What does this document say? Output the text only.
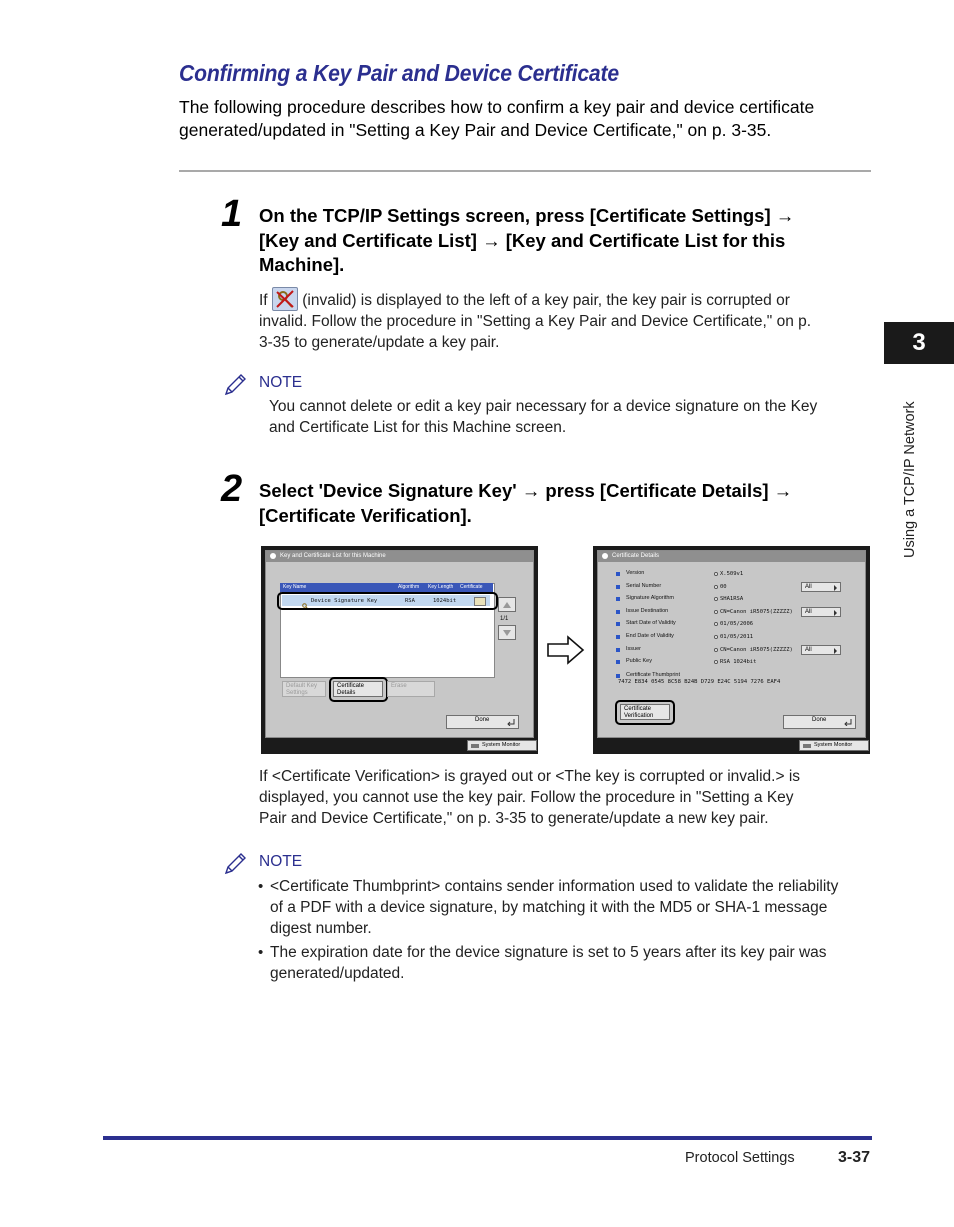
Confirming a Key Pair and Device Certificate

The following procedure describes how to confirm a key pair and device certificate

generated/updated in "Setting a Key Pair and Device Certificate," on p. 3-35.

1 On the TCP/IP Settings screen, press [Certificate Settings] →
[Key and Certificate List] → [Key and Certificate List for this
Machine].
If
(invalid) is displayed to the left of a key pair, the key pair is corrupted or
invalid. Follow the procedure in "Setting a Key Pair and Device Certificate," on p.
3-35 to generate/update a key pair.
NOTE
You cannot delete or edit a key pair necessary for a device signature on the Key
and Certificate List for this Machine screen.
2 Select 'Device Signature Key' → press [Certificate Details] →
[Certificate Verification].
Key and Certificate List for this Machine
Key Name	Algorithm Key Length Certificate
Device Signature Key	RSA	1024bit
1/1
Default Key
Settings
Certificate
Details
Erase
Done
System Monitor
Certificate Details
Version	X.509v1
Serial Number	00	All
Signature Algorithm	SHA1RSA
Issue Destination	CN=Canon iR5075(ZZZZZ)	All
Start Date of Validity	01/05/2006
End Date of Validity	01/05/2011
Issuer	CN=Canon iR5075(ZZZZZ)	All
Public Key	RSA 1024bit
Certificate Thumbprint
7472 E834 0545 8C58 B24B D729 E24C 5194 7276 EAF4
Certificate
Verification
Done
System Monitor
If <Certificate Verification> is grayed out or <The key is corrupted or invalid.> is
displayed, you cannot use the key pair. Follow the procedure in "Setting a Key
Pair and Device Certificate," on p. 3-35 to generate/update a new key pair.
NOTE
• <Certificate Thumbprint> contains sender information used to validate the reliability
of a PDF with a device signature, by matching it with the MD5 or SHA-1 message
digest number.
• The expiration date for the device signature is set to 5 years after its key pair was
generated/updated.
3
Using a TCP/IP Network
Protocol Settings	3-37
